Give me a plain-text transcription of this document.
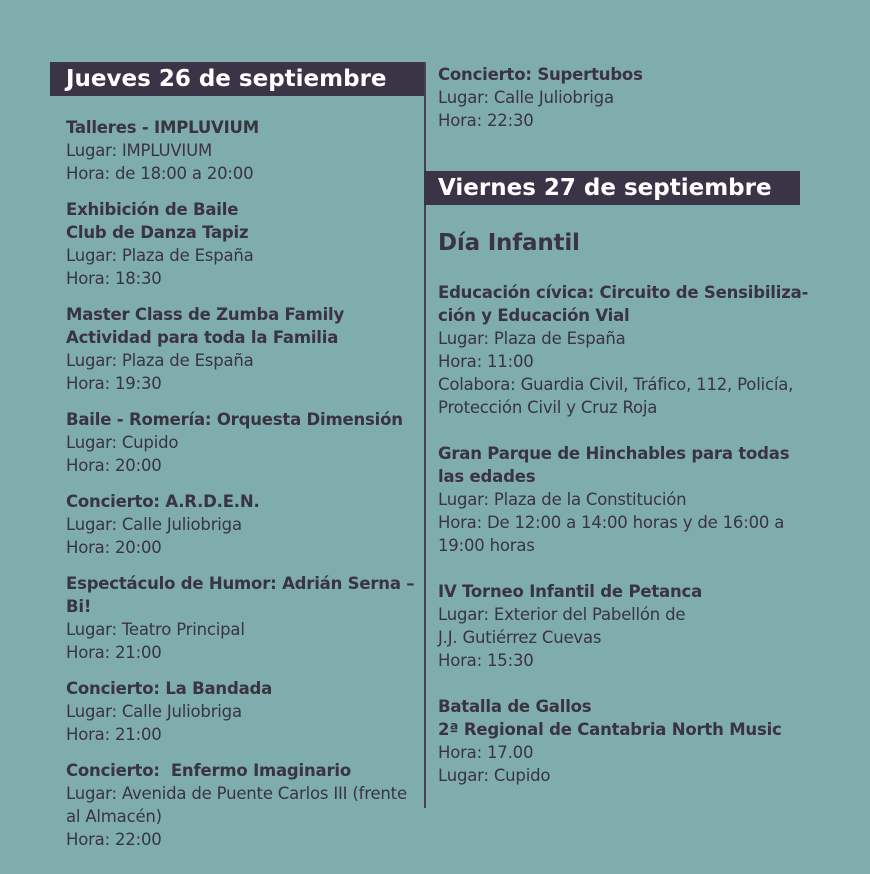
Jueves 26 de septiembre
Talleres - IMPLUVIUM
Lugar: IMPLUVIUM
Hora: de 18:00 a 20:00
Exhibición de Baile
Club de Danza Tapiz
Lugar: Plaza de España
Hora: 18:30
Master Class de Zumba Family
Actividad para toda la Familia
Lugar: Plaza de España
Hora: 19:30
Baile - Romería: Orquesta Dimensión
Lugar: Cupido
Hora: 20:00
Concierto: A.R.D.E.N.
Lugar: Calle Juliobriga
Hora: 20:00
Espectáculo de Humor: Adrián Serna – Bi!
Lugar: Teatro Principal
Hora: 21:00
Concierto: La Bandada
Lugar: Calle Juliobriga
Hora: 21:00
Concierto:  Enfermo Imaginario
Lugar: Avenida de Puente Carlos III (frente
al Almacén)
Hora: 22:00
Concierto: Supertubos
Lugar: Calle Juliobriga
Hora: 22:30
Viernes 27 de septiembre
Día Infantil
Educación cívica: Circuito de Sensibiliza-
ción y Educación Vial
Lugar: Plaza de España
Hora: 11:00
Colabora: Guardia Civil, Tráfico, 112, Policía,
Protección Civil y Cruz Roja
Gran Parque de Hinchables para todas
las edades
Lugar: Plaza de la Constitución
Hora: De 12:00 a 14:00 horas y de 16:00 a
19:00 horas
IV Torneo Infantil de Petanca
Lugar: Exterior del Pabellón de
J.J. Gutiérrez Cuevas
Hora: 15:30
Batalla de Gallos
2ª Regional de Cantabria North Music
Hora: 17.00
Lugar: Cupido
